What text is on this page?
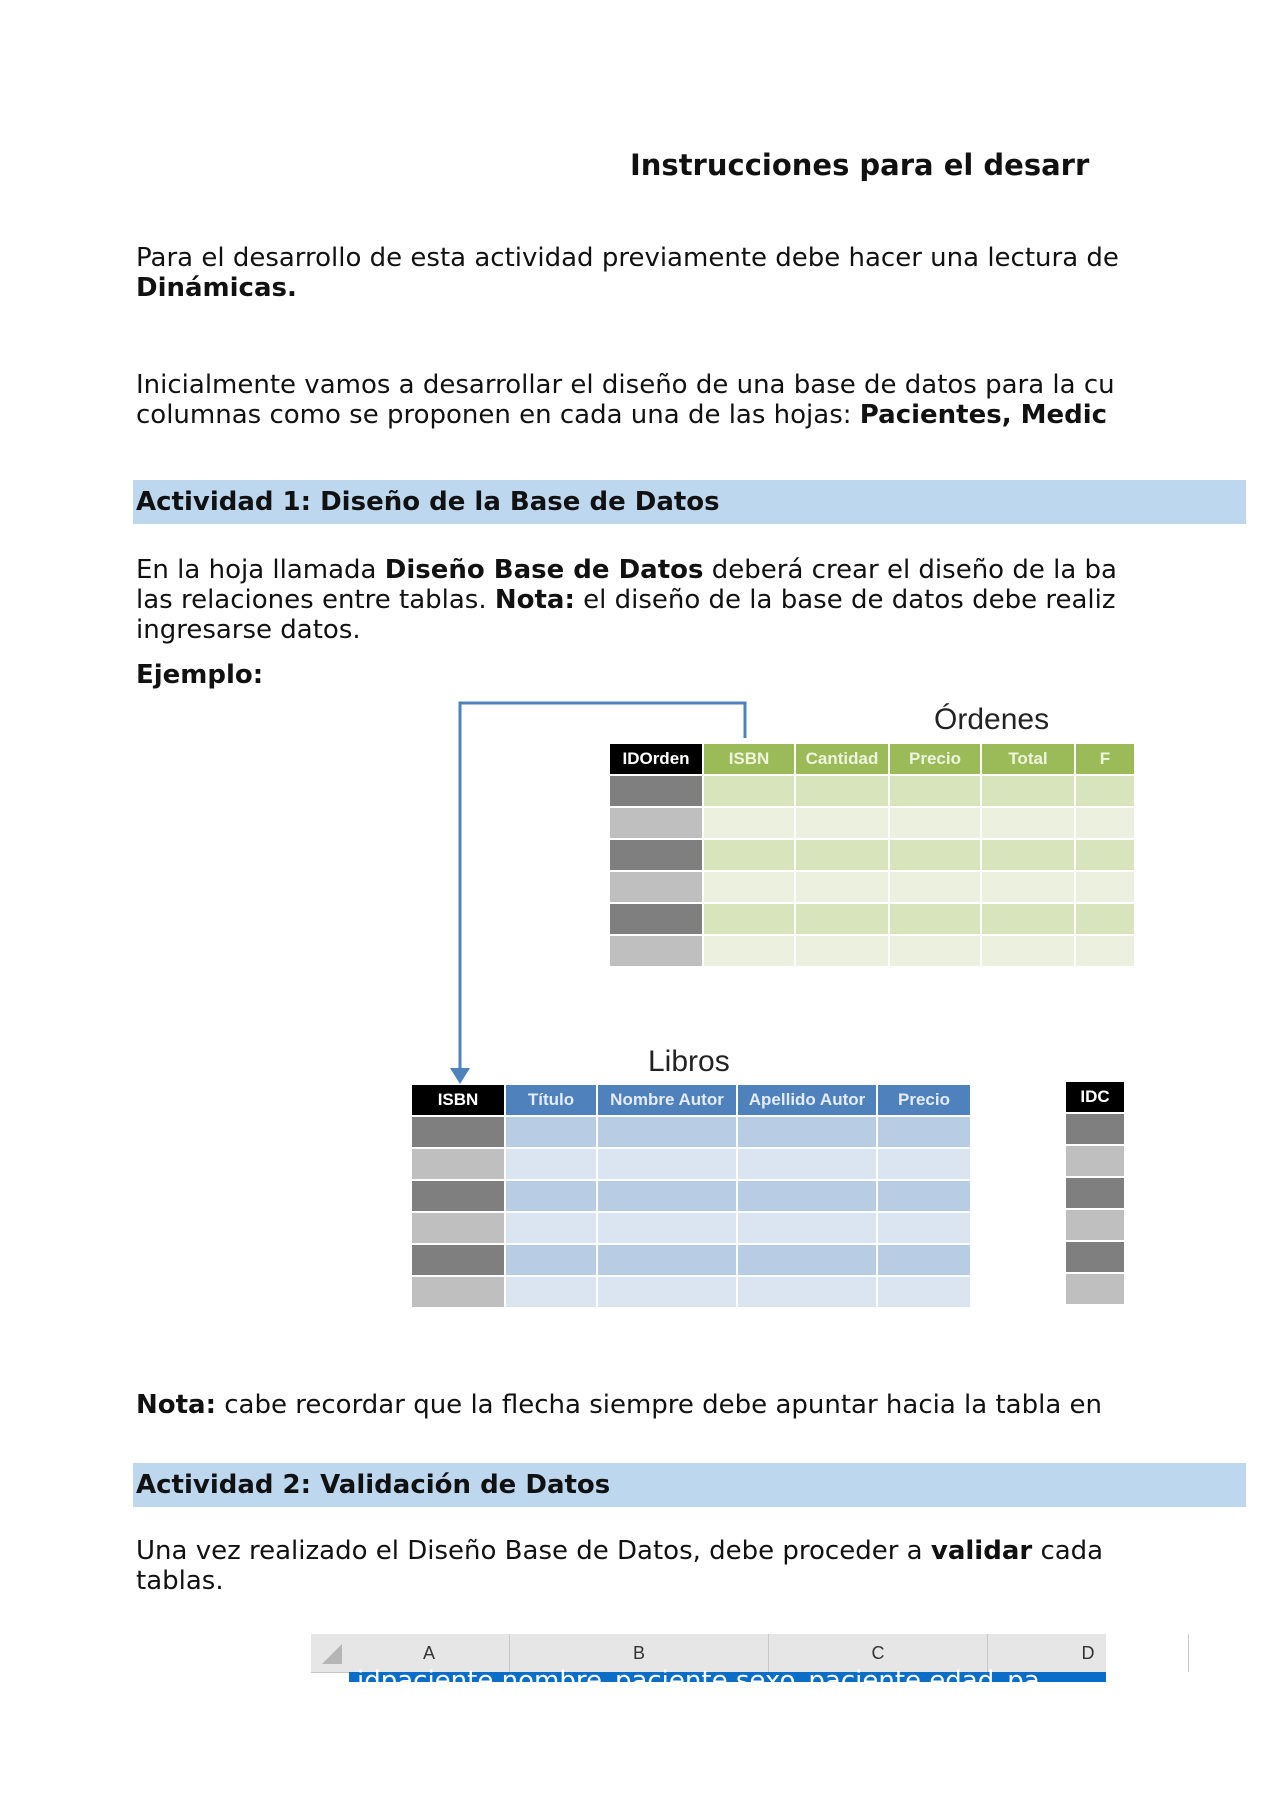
Instrucciones para el desarr
Para el desarrollo de esta actividad previamente debe hacer una lectura de
Dinámicas.
Inicialmente vamos a desarrollar el diseño de una base de datos para la cu
columnas como se proponen en cada una de las hojas: Pacientes, Medic
Actividad 1: Diseño de la Base de Datos
En la hoja llamada Diseño Base de Datos deberá crear el diseño de la ba
las relaciones entre tablas. Nota: el diseño de la base de datos debe realiz
ingresarse datos.
Ejemplo:
Órdenes
IDOrden	ISBN	Cantidad	Precio	Total	F
Libros
ISBN	Título	Nombre Autor	Apellido Autor	Precio	IDC
Nota: cabe recordar que la flecha siempre debe apuntar hacia la tabla en
Actividad 2: Validación de Datos
Una vez realizado el Diseño Base de Datos, debe proceder a validar cada
tablas.
A	B	C	D
idpaciente nombre_paciente sexo_paciente edad_pa
